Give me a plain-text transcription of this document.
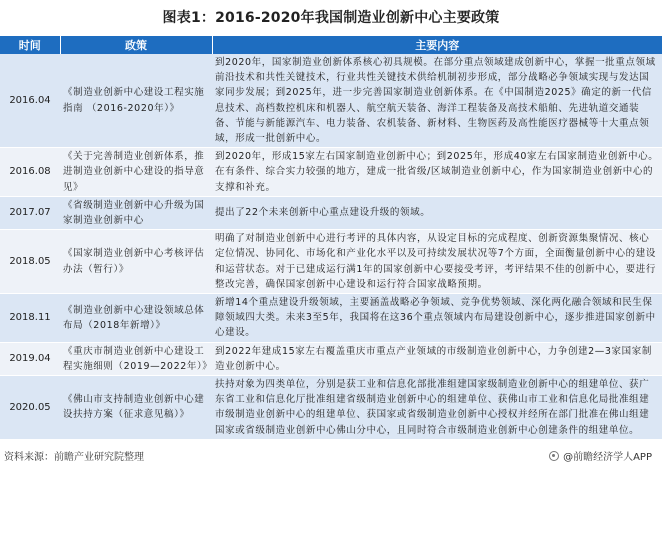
图表1：2016-2020年我国制造业创新中心主要政策
时间	政策	主要内容
2016.04	《制造业创新中心建设工程实施指南 （2016-2020年）》	到2020年，国家制造业创新体系核心初具规模。在部分重点领域建成创新中心，掌握一批重点领域前沿技术和共性关键技术，行业共性关键技术供给机制初步形成，部分战略必争领域实现与发达国家同步发展；到2025年，进一步完善国家制造业创新体系。在《中国制造2025》确定的新一代信息技术、高档数控机床和机器人、航空航天装备、海洋工程装备及高技术船舶、先进轨道交通装备、节能与新能源汽车、电力装备、农机装备、新材料、生物医药及高性能医疗器械等十大重点领域，形成一批创新中心。
2016.08	《关于完善制造业创新体系，推进制造业创新中心建设的指导意见》	到2020年，形成15家左右国家制造业创新中心；到2025年，形成40家左右国家制造业创新中心。在有条件、综合实力较强的地方，建成一批省级/区域制造业创新中心，作为国家制造业创新中心的支撑和补充。
2017.07	《省级制造业创新中心升级为国家制造业创新中心	提出了22个未来创新中心重点建设升级的领域。
2018.05	《国家制造业创新中心考核评估办法（暂行）》	明确了对制造业创新中心进行考评的具体内容，从设定目标的完成程度、创新资源集聚情况、核心定位情况、协同化、市场化和产业化水平以及可持续发展状况等7个方面，全面衡量创新中心的建设和运营状态。对于已建成运行满1年的国家创新中心要接受考评，考评结果不佳的创新中心，要进行整改完善，确保国家创新中心建设和运行符合国家战略预期。
2018.11	《制造业创新中心建设领域总体布局（2018年新增）》	新增14个重点建设升级领域，主要涵盖战略必争领域、竞争优势领域、深化两化融合领域和民生保障领域四大类。未来3至5年，我国将在这36个重点领域内布局建设创新中心，逐步推进国家创新中心建设。
2019.04	《重庆市制造业创新中心建设工程实施细则（2019—2022年）》	到2022年建成15家左右覆盖重庆市重点产业领域的市级制造业创新中心，力争创建2—3家国家制造业创新中心。
2020.05	《佛山市支持制造业创新中心建设扶持方案（征求意见稿）》	扶持对象为四类单位，分别是获工业和信息化部批准组建国家级制造业创新中心的组建单位、获广东省工业和信息化厅批准组建省级制造业创新中心的组建单位、获佛山市工业和信息化局批准组建市级制造业创新中心的组建单位、获国家或省级制造业创新中心授权并经所在部门批准在佛山组建国家或省级制造业创新中心佛山分中心，且同时符合市级制造业创新中心创建条件的组建单位。
资料来源：前瞻产业研究院整理	@前瞻经济学人APP
